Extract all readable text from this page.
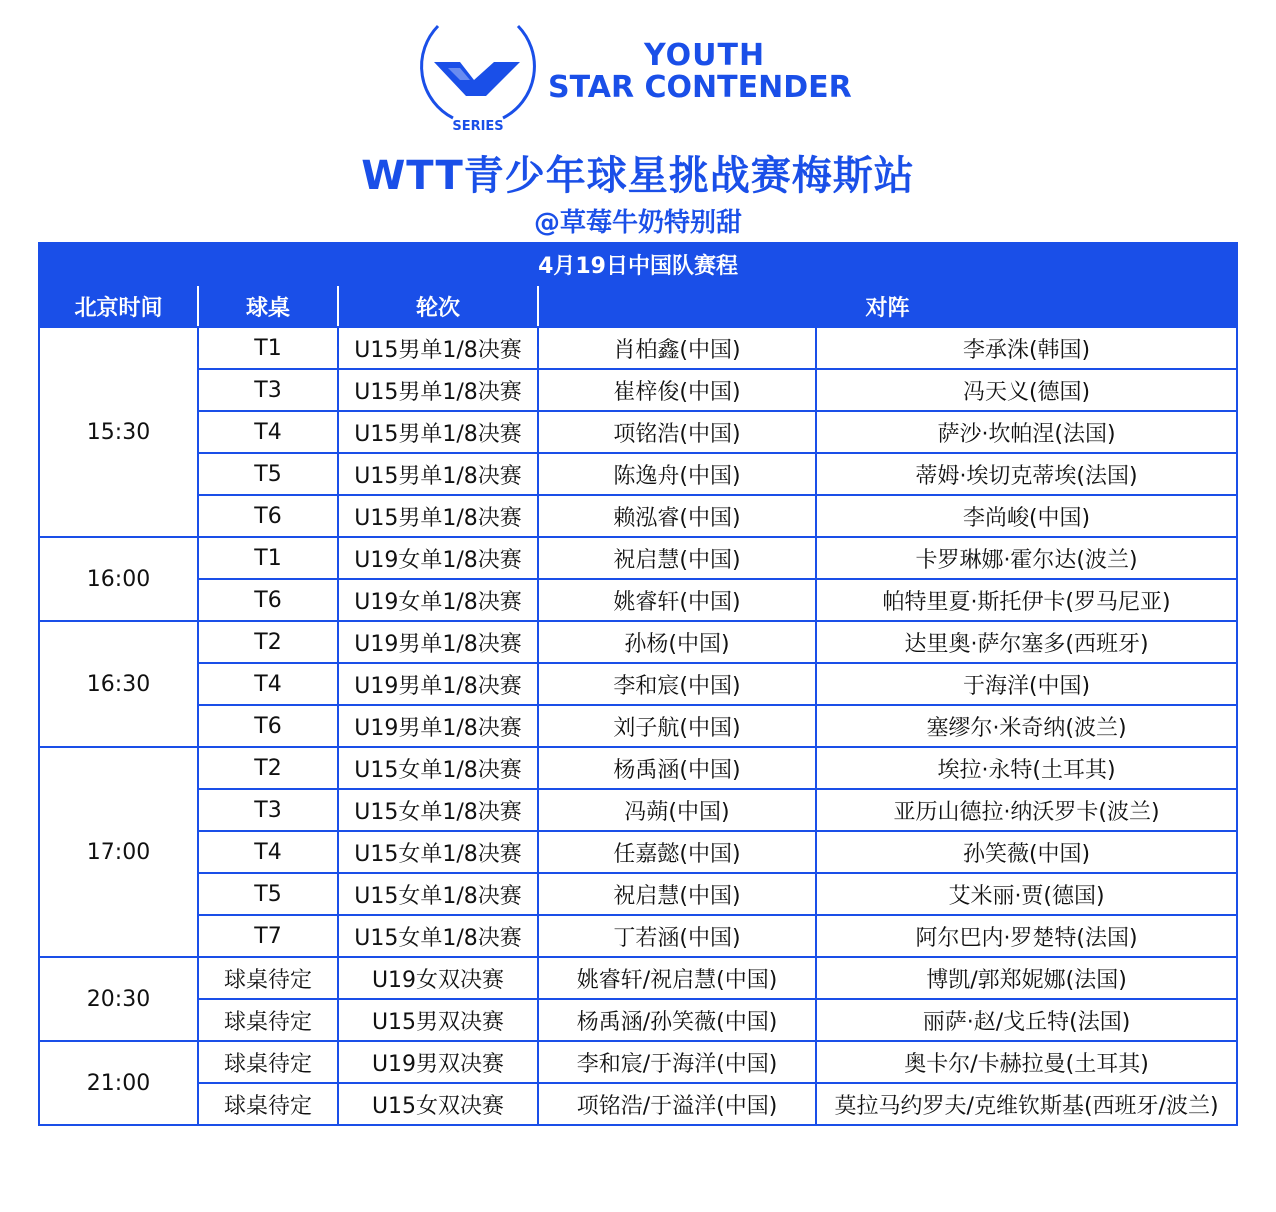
SERIES
YOUTH
STAR CONTENDER
WTT青少年球星挑战赛梅斯站
@草莓牛奶特别甜
4月19日中国队赛程				
北京时间	球桌	轮次	对阵	
15:30	T1	U15男单1/8决赛	肖柏鑫(中国)	李承洙(韩国)
	T3	U15男单1/8决赛	崔梓俊(中国)	冯天义(德国)
	T4	U15男单1/8决赛	项铭浩(中国)	萨沙·坎帕涅(法国)
	T5	U15男单1/8决赛	陈逸舟(中国)	蒂姆·埃切克蒂埃(法国)
	T6	U15男单1/8决赛	赖泓睿(中国)	李尚峻(中国)
16:00	T1	U19女单1/8决赛	祝启慧(中国)	卡罗琳娜·霍尔达(波兰)
	T6	U19女单1/8决赛	姚睿轩(中国)	帕特里夏·斯托伊卡(罗马尼亚)
16:30	T2	U19男单1/8决赛	孙杨(中国)	达里奥·萨尔塞多(西班牙)
	T4	U19男单1/8决赛	李和宸(中国)	于海洋(中国)
	T6	U19男单1/8决赛	刘子航(中国)	塞缪尔·米奇纳(波兰)
17:00	T2	U15女单1/8决赛	杨禹涵(中国)	埃拉·永特(土耳其)
	T3	U15女单1/8决赛	冯蒴(中国)	亚历山德拉·纳沃罗卡(波兰)
	T4	U15女单1/8决赛	任嘉懿(中国)	孙笑薇(中国)
	T5	U15女单1/8决赛	祝启慧(中国)	艾米丽·贾(德国)
	T7	U15女单1/8决赛	丁若涵(中国)	阿尔巴内·罗楚特(法国)
20:30	球桌待定	U19女双决赛	姚睿轩/祝启慧(中国)	博凯/郭郑妮娜(法国)
	球桌待定	U15男双决赛	杨禹涵/孙笑薇(中国)	丽萨·赵/戈丘特(法国)
21:00	球桌待定	U19男双决赛	李和宸/于海洋(中国)	奥卡尔/卡赫拉曼(土耳其)
	球桌待定	U15女双决赛	项铭浩/于溢洋(中国)	莫拉马约罗夫/克维钦斯基(西班牙/波兰)
